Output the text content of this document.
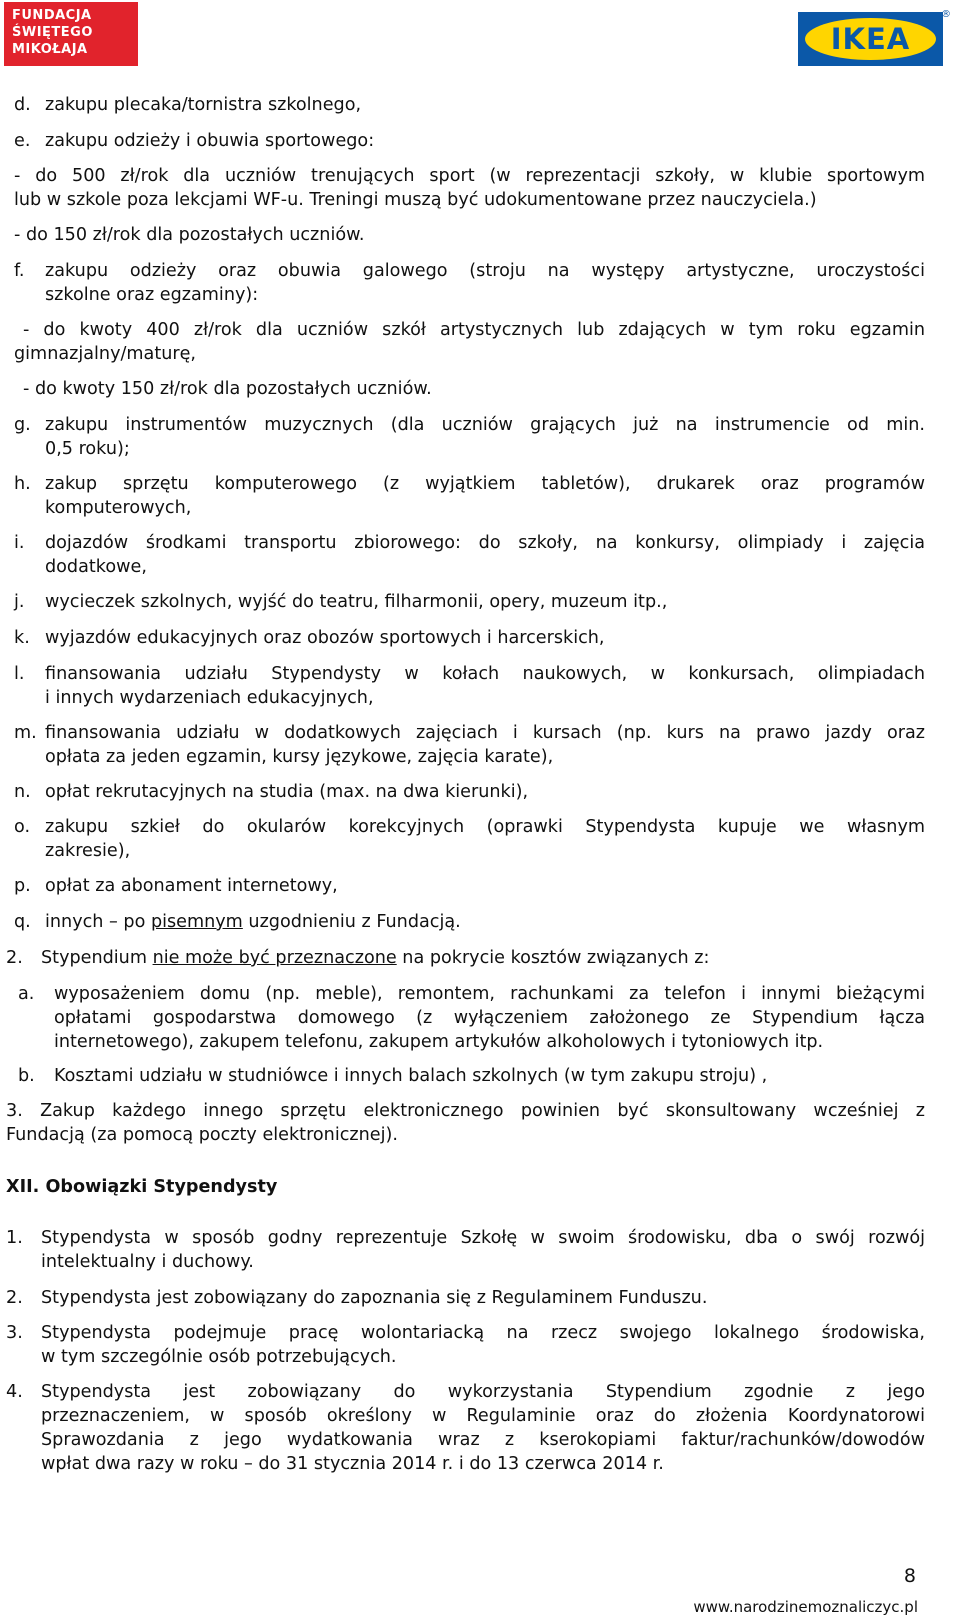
FUNDACJA
ŚWIĘTEGO
MIKOŁAJA	IKEA
®
d. zakupu plecaka/tornistra szkolnego,
e. zakupu odzieży i obuwia sportowego:
- do 500 zł/rok dla uczniów trenujących sport (w reprezentacji szkoły, w klubie sportowym
lub w szkole poza lekcjami WF-u. Treningi muszą być udokumentowane przez nauczyciela.)
- do 150 zł/rok dla pozostałych uczniów.
f. zakupu odzieży oraz obuwia galowego (stroju na występy artystyczne, uroczystości
szkolne oraz egzaminy):
- do kwoty 400 zł/rok dla uczniów szkół artystycznych lub zdających w tym roku egzamin
gimnazjalny/maturę,
- do kwoty 150 zł/rok dla pozostałych uczniów.
g. zakupu instrumentów muzycznych (dla uczniów grających już na instrumencie od min.
0,5 roku);
h. zakup sprzętu komputerowego (z wyjątkiem tabletów), drukarek oraz programów
komputerowych,
i. dojazdów środkami transportu zbiorowego: do szkoły, na konkursy, olimpiady i zajęcia
dodatkowe,
j. wycieczek szkolnych, wyjść do teatru, filharmonii, opery, muzeum itp.,
k. wyjazdów edukacyjnych oraz obozów sportowych i harcerskich,
l. finansowania udziału Stypendysty w kołach naukowych, w konkursach, olimpiadach
i innych wydarzeniach edukacyjnych,
m. finansowania udziału w dodatkowych zajęciach i kursach (np. kurs na prawo jazdy oraz
opłata za jeden egzamin, kursy językowe, zajęcia karate),
n. opłat rekrutacyjnych na studia (max. na dwa kierunki),
o. zakupu szkieł do okularów korekcyjnych (oprawki Stypendysta kupuje we własnym
zakresie),
p. opłat za abonament internetowy,
q. innych – po pisemnym uzgodnieniu z Fundacją.
2. Stypendium nie może być przeznaczone na pokrycie kosztów związanych z:
a. wyposażeniem domu (np. meble), remontem, rachunkami za telefon i innymi bieżącymi
opłatami gospodarstwa domowego (z wyłączeniem założonego ze Stypendium łącza
internetowego), zakupem telefonu, zakupem artykułów alkoholowych i tytoniowych itp.
b. Kosztami udziału w studniówce i innych balach szkolnych (w tym zakupu stroju) ,
3. Zakup każdego innego sprzętu elektronicznego powinien być skonsultowany wcześniej z
Fundacją (za pomocą poczty elektronicznej).
XII. Obowiązki Stypendysty
1. Stypendysta w sposób godny reprezentuje Szkołę w swoim środowisku, dba o swój rozwój
intelektualny i duchowy.
2. Stypendysta jest zobowiązany do zapoznania się z Regulaminem Funduszu.
3. Stypendysta podejmuje pracę wolontariacką na rzecz swojego lokalnego środowiska,
w tym szczególnie osób potrzebujących.
4. Stypendysta jest zobowiązany do wykorzystania Stypendium zgodnie z jego
przeznaczeniem, w sposób określony w Regulaminie oraz do złożenia Koordynatorowi
Sprawozdania z jego wydatkowania wraz z kserokopiami faktur/rachunków/dowodów
wpłat dwa razy w roku – do 31 stycznia 2014 r. i do 13 czerwca 2014 r.
8
www.narodzinemoznaliczyc.pl
